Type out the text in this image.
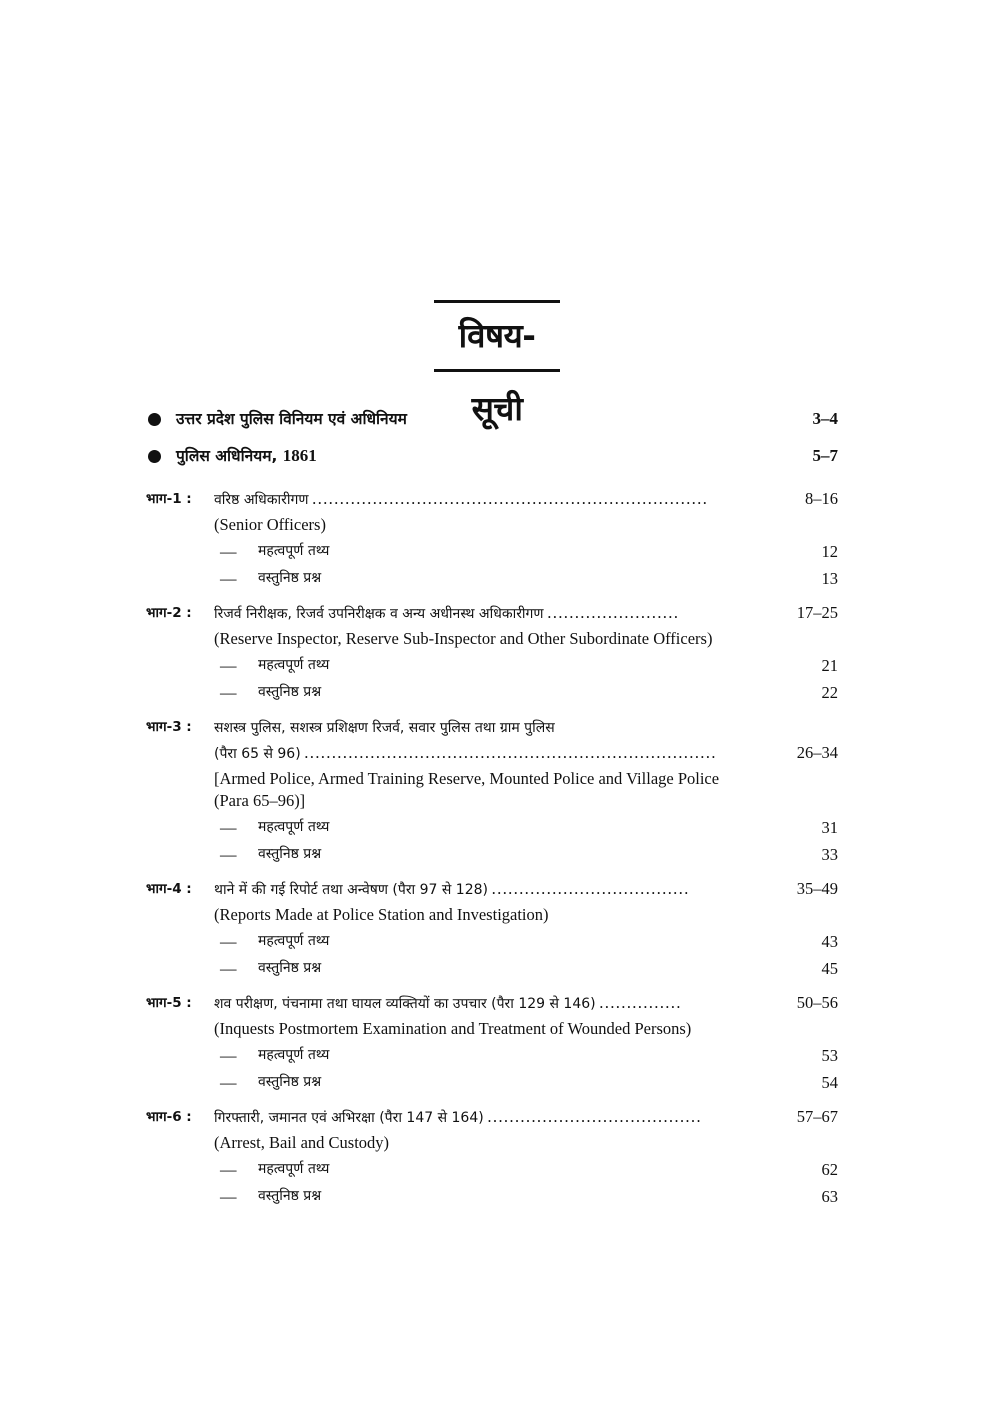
विषय-सूची
उत्तर प्रदेश पुलिस विनियम एवं अधिनियम	3–4
पुलिस अधिनियम, 1861	5–7
भाग-1 :	वरिष्ठ अधिकारीगण ………………………………………………………………	8–16
(Senior Officers)
— महत्वपूर्ण तथ्य	12
— वस्तुनिष्ठ प्रश्न	13
भाग-2 :	रिजर्व निरीक्षक, रिजर्व उपनिरीक्षक व अन्य अधीनस्थ अधिकारीगण ……………………	17–25
(Reserve Inspector, Reserve Sub-Inspector and Other Subordinate Officers)
— महत्वपूर्ण तथ्य	21
— वस्तुनिष्ठ प्रश्न	22
भाग-3 :	सशस्त्र पुलिस, सशस्त्र प्रशिक्षण रिजर्व, सवार पुलिस तथा ग्राम पुलिस
(पैरा 65 से 96) …………………………………………………………………	26–34
[Armed Police, Armed Training Reserve, Mounted Police and Village Police (Para 65–96)]
— महत्वपूर्ण तथ्य	31
— वस्तुनिष्ठ प्रश्न	33
भाग-4 :	थाने में की गई रिपोर्ट तथा अन्वेषण (पैरा 97 से 128) ………………………………	35–49
(Reports Made at Police Station and Investigation)
— महत्वपूर्ण तथ्य	43
— वस्तुनिष्ठ प्रश्न	45
भाग-5 :	शव परीक्षण, पंचनामा तथा घायल व्यक्तियों का उपचार (पैरा 129 से 146) ……………	50–56
(Inquests Postmortem Examination and Treatment of Wounded Persons)
— महत्वपूर्ण तथ्य	53
— वस्तुनिष्ठ प्रश्न	54
भाग-6 :	गिरफ्तारी, जमानत एवं अभिरक्षा (पैरा 147 से 164) …………………………………	57–67
(Arrest, Bail and Custody)
— महत्वपूर्ण तथ्य	62
— वस्तुनिष्ठ प्रश्न	63
